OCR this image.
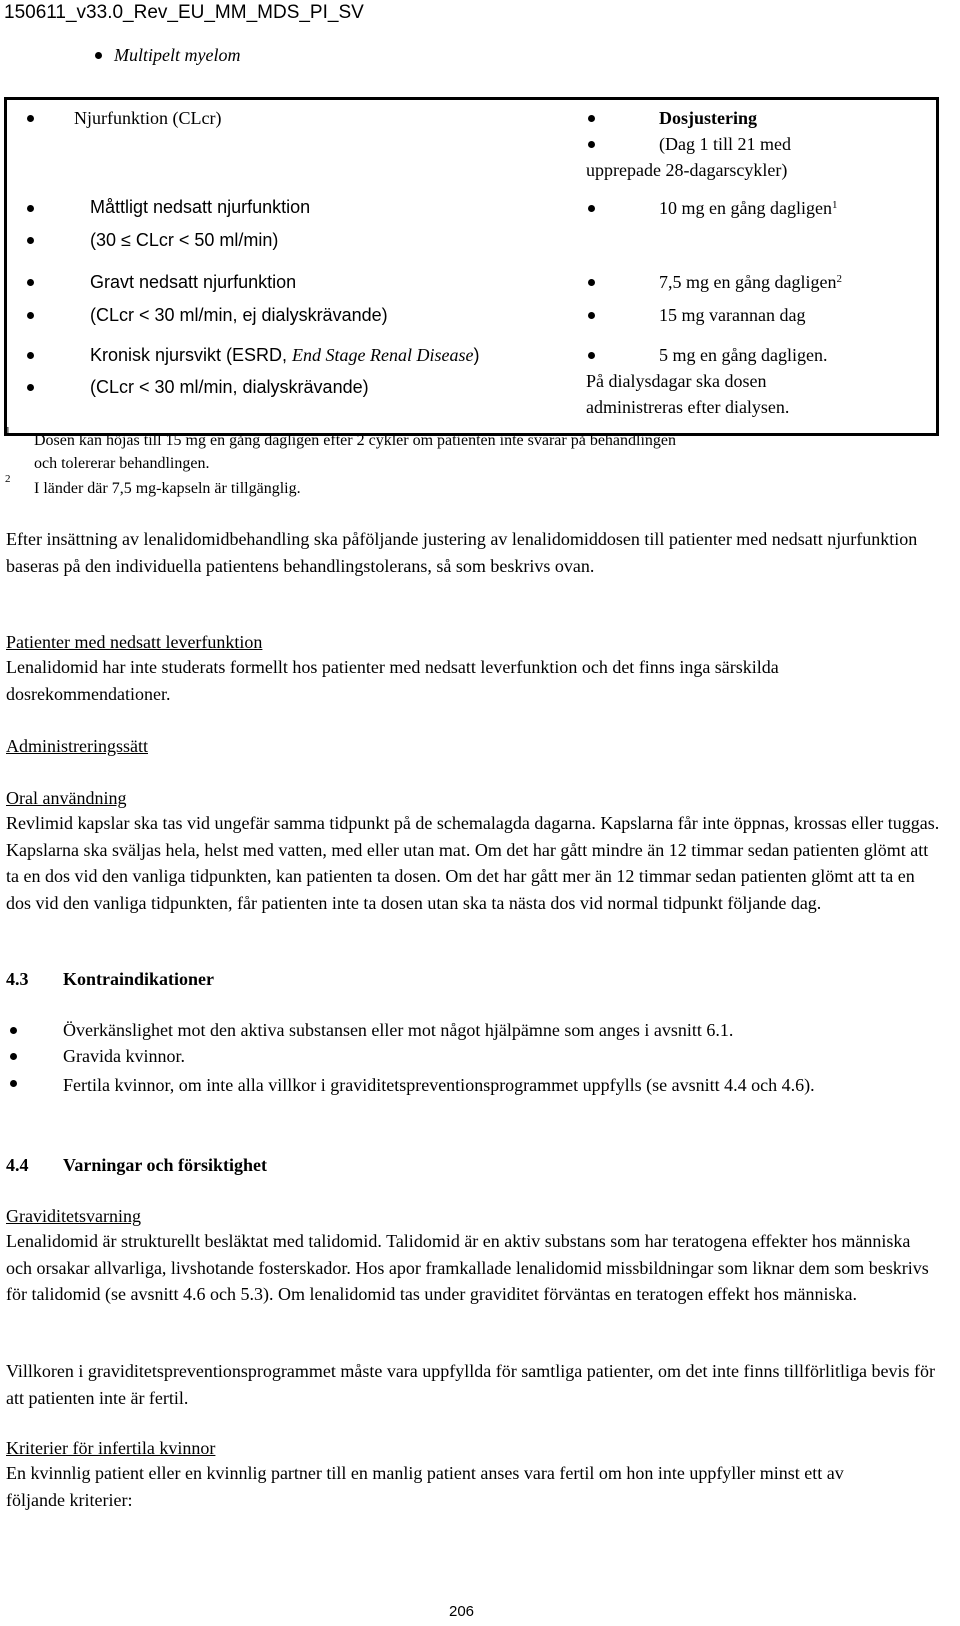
150611_v33.0_Rev_EU_MM_MDS_PI_SV
Multipelt myelom
Njurfunktion (CLcr)	Dosjustering
(Dag 1 till 21 med
upprepade 28-dagarscykler)
Måttligt nedsatt njurfunktion
(30 ≤ CLcr < 50 ml/min)
10 mg en gång dagligen$^1$
Gravt nedsatt njurfunktion
(CLcr < 30 ml/min, ej dialyskrävande)
7,5 mg en gång dagligen$^2$
15 mg varannan dag
Kronisk njursvikt (ESRD, End Stage Renal Disease)
(CLcr < 30 ml/min, dialyskrävande)
5 mg en gång dagligen.
På dialysdagar ska dosen
administreras efter dialysen.
1
Dosen kan höjas till 15 mg en gång dagligen efter 2 cykler om patienten inte svarar på behandlingen
och tolererar behandlingen.
2
I länder där 7,5 mg-kapseln är tillgänglig.
Efter insättning av lenalidomidbehandling ska påföljande justering av lenalidomiddosen till patienter med nedsatt njurfunktion baseras på den individuella patientens behandlingstolerans, så som beskrivs ovan.
Patienter med nedsatt leverfunktion
Lenalidomid har inte studerats formellt hos patienter med nedsatt leverfunktion och det finns inga särskilda dosrekommendationer.
Administreringssätt
Oral användning
Revlimid kapslar ska tas vid ungefär samma tidpunkt på de schemalagda dagarna. Kapslarna får inte öppnas, krossas eller tuggas. Kapslarna ska sväljas hela, helst med vatten, med eller utan mat. Om det har gått mindre än 12 timmar sedan patienten glömt att ta en dos vid den vanliga tidpunkten, kan patienten ta dosen. Om det har gått mer än 12 timmar sedan patienten glömt att ta en dos vid den vanliga tidpunkten, får patienten inte ta dosen utan ska ta nästa dos vid normal tidpunkt följande dag.
4.3 Kontraindikationer
Överkänslighet mot den aktiva substansen eller mot något hjälpämne som anges i avsnitt 6.1.
Gravida kvinnor.
Fertila kvinnor, om inte alla villkor i graviditetspreventionsprogrammet uppfylls (se avsnitt 4.4 och 4.6).
4.4 Varningar och försiktighet
Graviditetsvarning
Lenalidomid är strukturellt besläktat med talidomid. Talidomid är en aktiv substans som har teratogena effekter hos människa och orsakar allvarliga, livshotande fosterskador. Hos apor framkallade lenalidomid missbildningar som liknar dem som beskrivs för talidomid (se avsnitt 4.6 och 5.3). Om lenalidomid tas under graviditet förväntas en teratogen effekt hos människa.
Villkoren i graviditetspreventionsprogrammet måste vara uppfyllda för samtliga patienter, om det inte finns tillförlitliga bevis för att patienten inte är fertil.
Kriterier för infertila kvinnor
En kvinnlig patient eller en kvinnlig partner till en manlig patient anses vara fertil om hon inte uppfyller minst ett av följande kriterier:
206
